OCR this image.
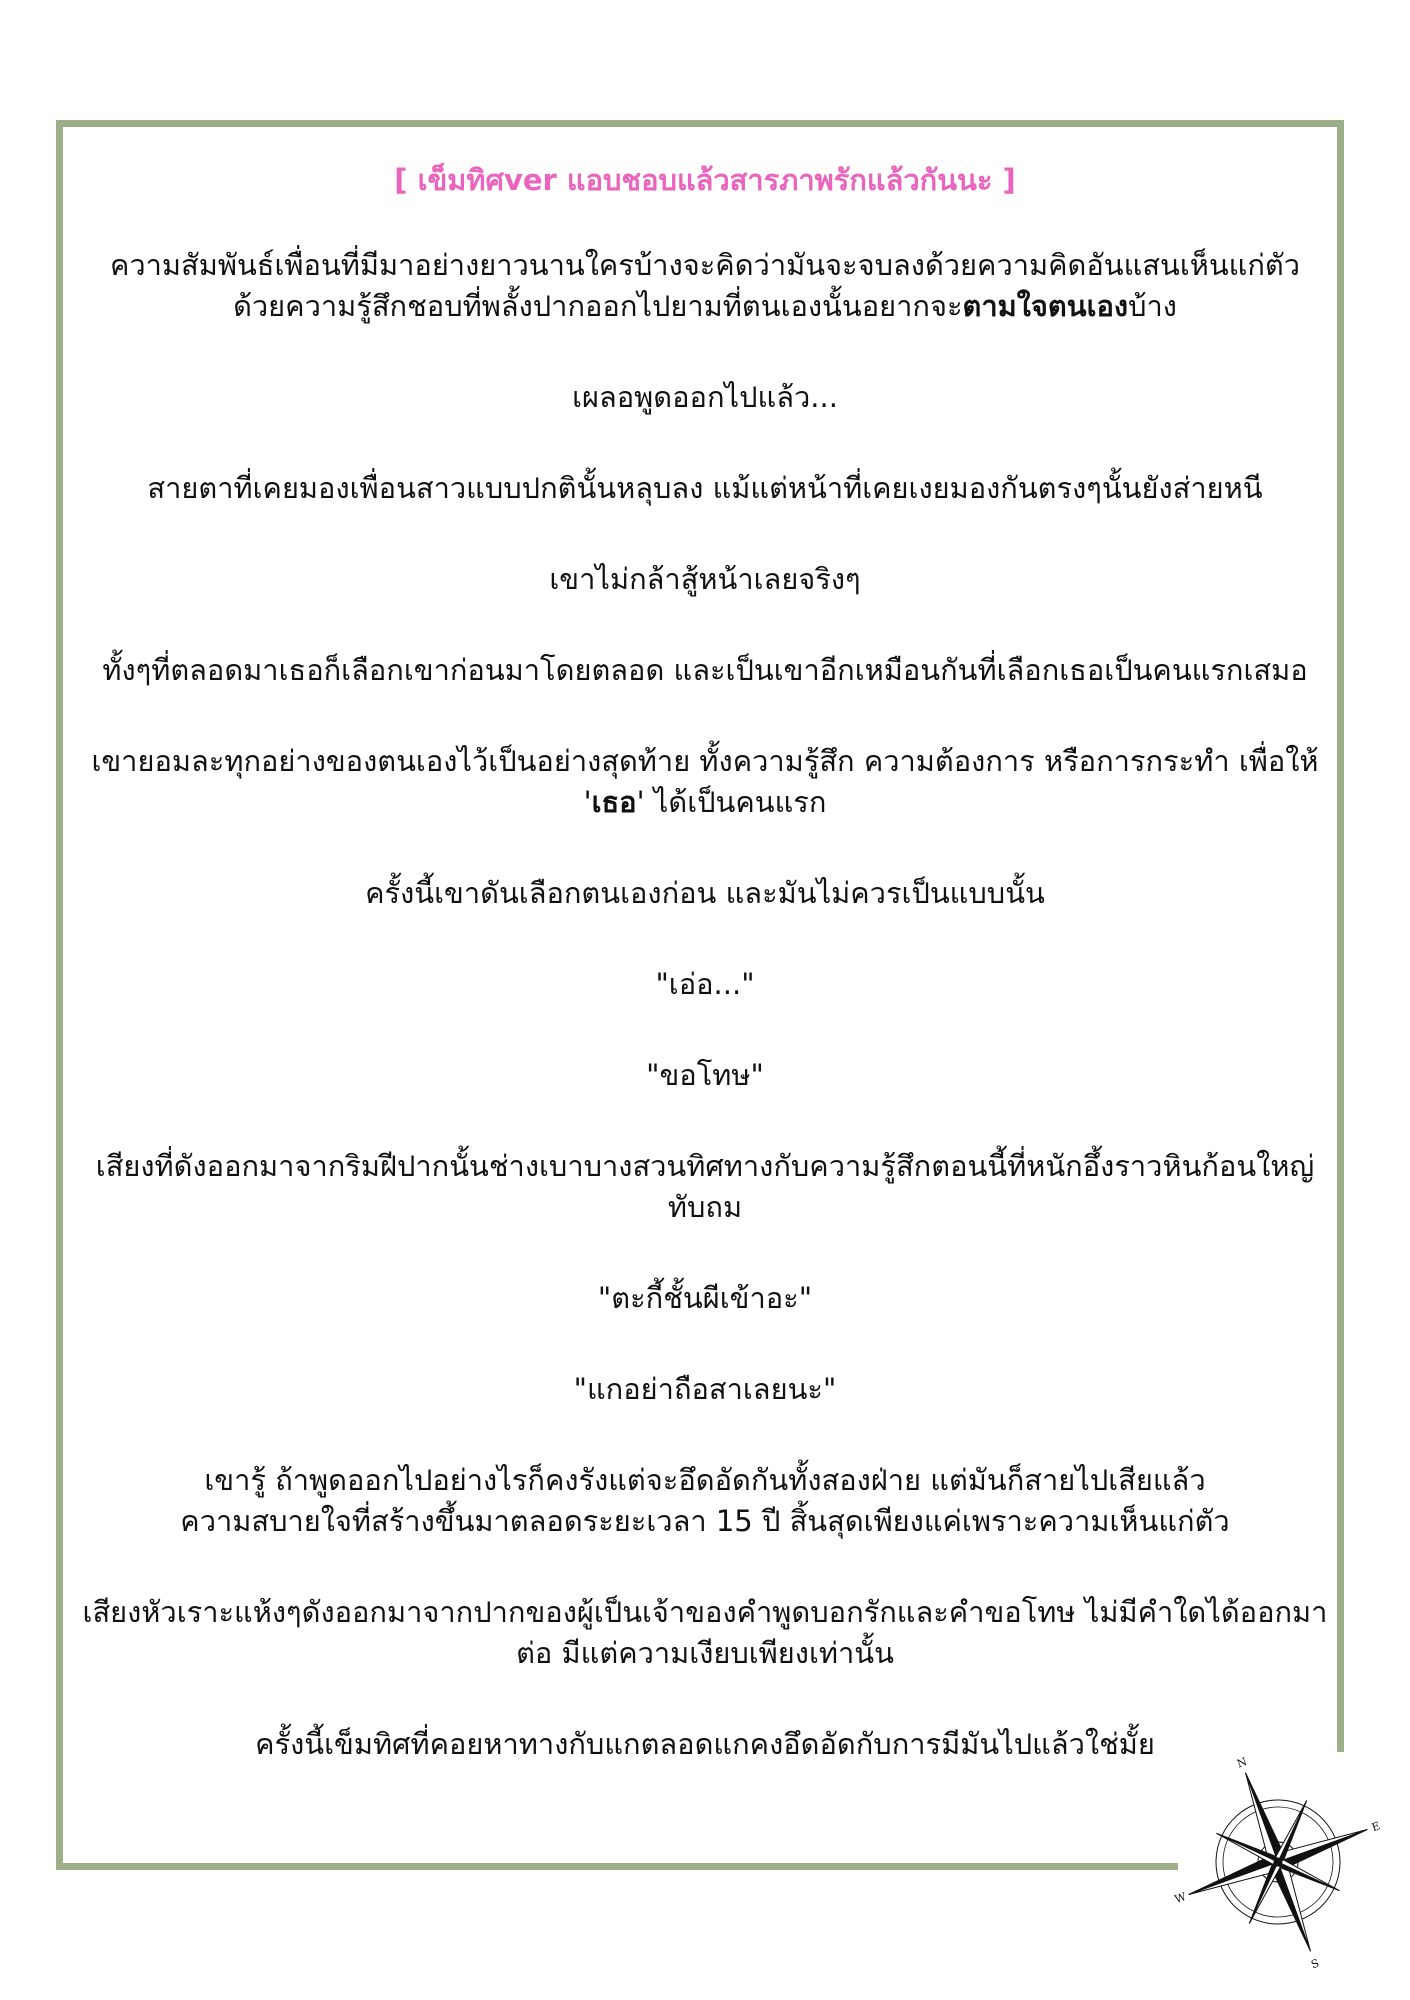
[ เข็มทิศver แอบชอบแล้วสารภาพรักแล้วกันนะ ]
ความสัมพันธ์เพื่อนที่มีมาอย่างยาวนานใครบ้างจะคิดว่ามันจะจบลงด้วยความคิดอันแสนเห็นแก่ตัว
ด้วยความรู้สึกชอบที่พลั้งปากออกไปยามที่ตนเองนั้นอยากจะตามใจตนเองบ้าง
เผลอพูดออกไปแล้ว...
สายตาที่เคยมองเพื่อนสาวแบบปกตินั้นหลุบลง แม้แต่หน้าที่เคยเงยมองกันตรงๆนั้นยังส่ายหนี
เขาไม่กล้าสู้หน้าเลยจริงๆ
ทั้งๆที่ตลอดมาเธอก็เลือกเขาก่อนมาโดยตลอด และเป็นเขาอีกเหมือนกันที่เลือกเธอเป็นคนแรกเสมอ
เขายอมละทุกอย่างของตนเองไว้เป็นอย่างสุดท้าย ทั้งความรู้สึก ความต้องการ หรือการกระทำ เพื่อให้ 'เธอ' ได้เป็นคนแรก
ครั้งนี้เขาดันเลือกตนเองก่อน และมันไม่ควรเป็นแบบนั้น
"เอ่อ..."
"ขอโทษ"
เสียงที่ดังออกมาจากริมฝีปากนั้นช่างเบาบางสวนทิศทางกับความรู้สึกตอนนี้ที่หนักอึ้งราวหินก้อนใหญ่ทับถม
"ตะกี้ชั้นผีเข้าอะ"
"แกอย่าถือสาเลยนะ"
เขารู้ ถ้าพูดออกไปอย่างไรก็คงรังแต่จะอึดอัดกันทั้งสองฝ่าย แต่มันก็สายไปเสียแล้ว
ความสบายใจที่สร้างขึ้นมาตลอดระยะเวลา 15 ปี สิ้นสุดเพียงแค่เพราะความเห็นแก่ตัว
เสียงหัวเราะแห้งๆดังออกมาจากปากของผู้เป็นเจ้าของคำพูดบอกรักและคำขอโทษ ไม่มีคำใดได้ออกมาต่อ มีแต่ความเงียบเพียงเท่านั้น
ครั้งนี้เข็มทิศที่คอยหาทางกับแกตลอดแกคงอึดอัดกับการมีมันไปแล้วใช่มั้ย
N
E
S
W
